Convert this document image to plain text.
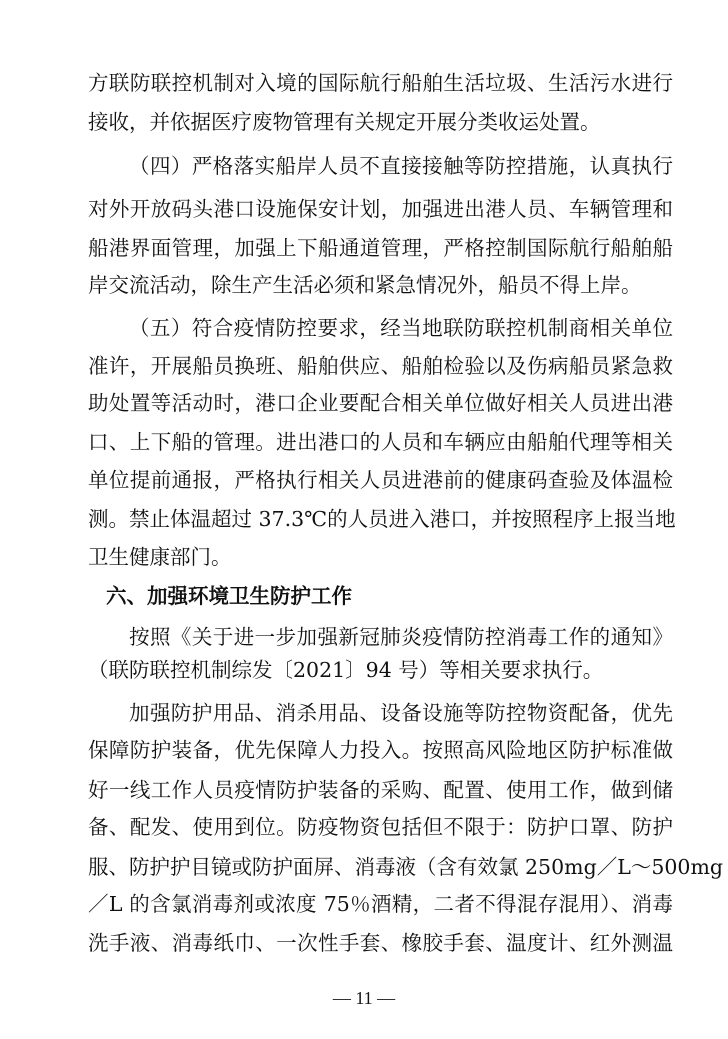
方联防联控机制对入境的国际航行船舶生活垃圾、生活污水进行
接收，并依据医疗废物管理有关规定开展分类收运处置。
（四）严格落实船岸人员不直接接触等防控措施，认真执行
对外开放码头港口设施保安计划，加强进出港人员、车辆管理和
船港界面管理，加强上下船通道管理，严格控制国际航行船舶船
岸交流活动，除生产生活必须和紧急情况外，船员不得上岸。
（五）符合疫情防控要求，经当地联防联控机制商相关单位
准许，开展船员换班、船舶供应、船舶检验以及伤病船员紧急救
助处置等活动时，港口企业要配合相关单位做好相关人员进出港
口、上下船的管理。进出港口的人员和车辆应由船舶代理等相关
单位提前通报，严格执行相关人员进港前的健康码查验及体温检
测。禁止体温超过 37.3℃的人员进入港口，并按照程序上报当地
卫生健康部门。
六、加强环境卫生防护工作
按照《关于进一步加强新冠肺炎疫情防控消毒工作的通知》
（联防联控机制综发〔2021〕94 号）等相关要求执行。
加强防护用品、消杀用品、设备设施等防控物资配备，优先
保障防护装备，优先保障人力投入。按照高风险地区防护标准做
好一线工作人员疫情防护装备的采购、配置、使用工作，做到储
备、配发、使用到位。防疫物资包括但不限于：防护口罩、防护
服、防护护目镜或防护面屏、消毒液（含有效氯 250mg／L～500mg
／L 的含氯消毒剂或浓度 75％酒精，二者不得混存混用）、消毒
洗手液、消毒纸巾、一次性手套、橡胶手套、温度计、红外测温
— 11 —
